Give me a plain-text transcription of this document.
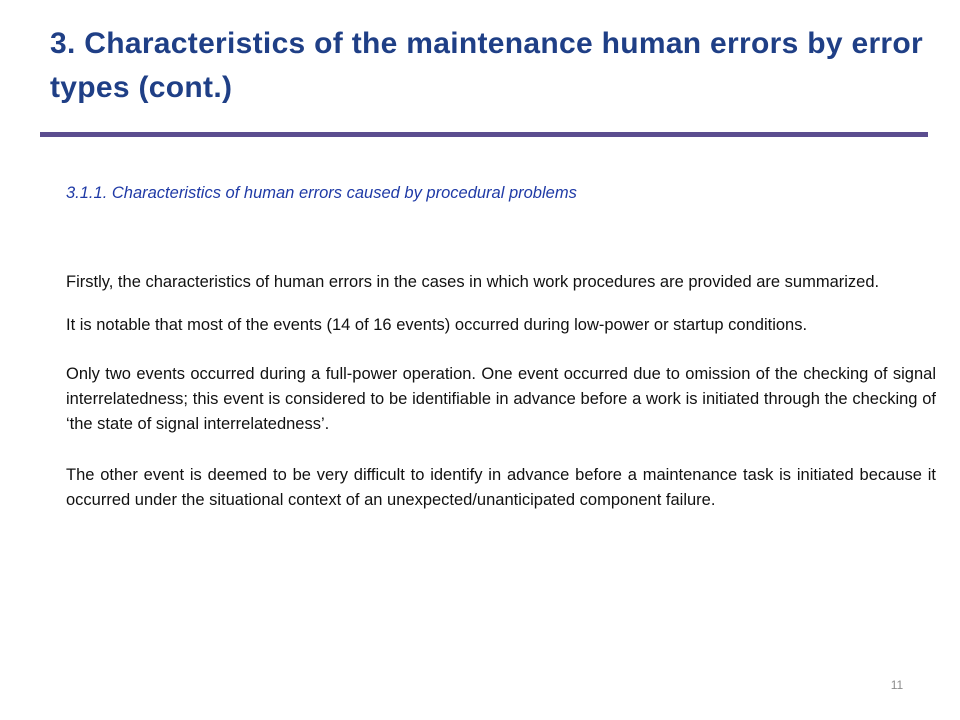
3. Characteristics of the maintenance human errors by error types (cont.)

3.1.1. Characteristics of human errors caused by procedural problems

Firstly, the characteristics of human errors in the cases in which work procedures are provided are summarized.

It is notable that most of the events (14 of 16 events) occurred during low-power or startup conditions.

Only two events occurred during a full-power operation. One event occurred due to omission of the checking of signal interrelatedness; this event is considered to be identifiable in advance before a work is initiated through the checking of ‘the state of signal interrelatedness’.

The other event is deemed to be very difficult to identify in advance before a maintenance task is initiated because it occurred under the situational context of an unexpected/unanticipated component failure.

11
